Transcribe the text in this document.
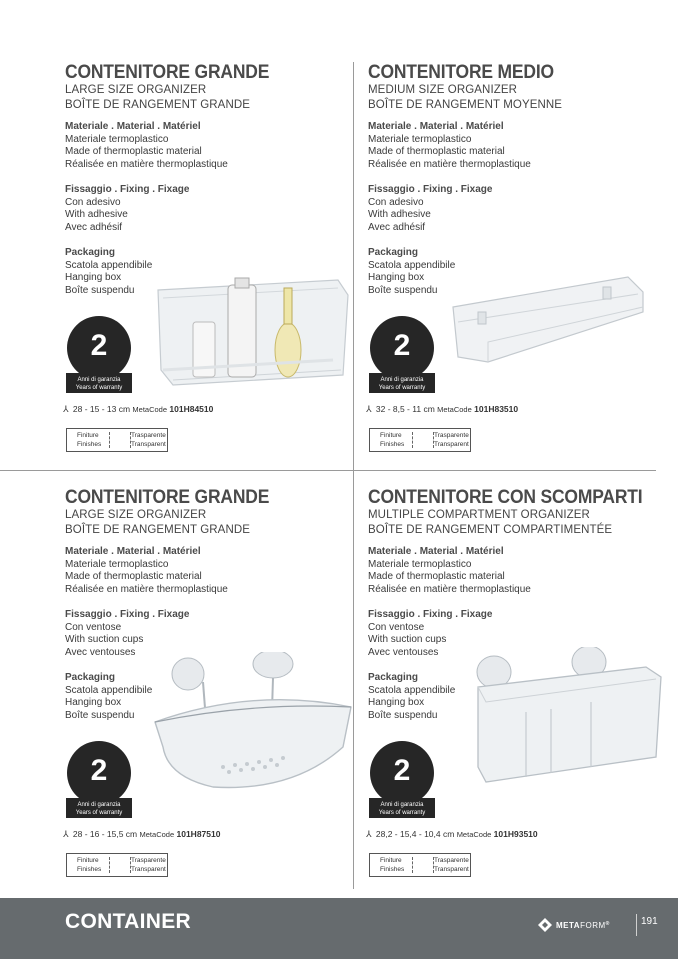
CONTENITORE GRANDE
LARGE SIZE ORGANIZER
BOÎTE DE RANGEMENT GRANDE
Materiale . Material . Matériel
Materiale termoplastico
Made of thermoplastic material
Réalisée en matière thermoplastique
Fissaggio . Fixing . Fixage
Con adesivo
With adhesive
Avec adhésif
Packaging
Scatola appendibile
Hanging box
Boîte suspendu
2
Anni di garanzia
Years of warranty
⅄ 28 - 15 - 13 cm MetaCode 101H84510
Finiture
Finishes
Trasparente
Transparent
CONTENITORE MEDIO
MEDIUM SIZE ORGANIZER
BOÎTE DE RANGEMENT MOYENNE
Materiale . Material . Matériel
Materiale termoplastico
Made of thermoplastic material
Réalisée en matière thermoplastique
Fissaggio . Fixing . Fixage
Con adesivo
With adhesive
Avec adhésif
Packaging
Scatola appendibile
Hanging box
Boîte suspendu
2
Anni di garanzia
Years of warranty
⅄ 32 - 8,5 - 11 cm MetaCode 101H83510
Finiture
Finishes
Trasparente
Transparent
CONTENITORE GRANDE
LARGE SIZE ORGANIZER
BOÎTE DE RANGEMENT GRANDE
Materiale . Material . Matériel
Materiale termoplastico
Made of thermoplastic material
Réalisée en matière thermoplastique
Fissaggio . Fixing . Fixage
Con ventose
With suction cups
Avec ventouses
Packaging
Scatola appendibile
Hanging box
Boîte suspendu
2
Anni di garanzia
Years of warranty
⅄ 28 - 16 - 15,5 cm MetaCode 101H87510
Finiture
Finishes
Trasparente
Transparent
CONTENITORE CON SCOMPARTI
MULTIPLE COMPARTMENT ORGANIZER
BOÎTE DE RANGEMENT COMPARTIMENTÉE
Materiale . Material . Matériel
Materiale termoplastico
Made of thermoplastic material
Réalisée en matière thermoplastique
Fissaggio . Fixing . Fixage
Con ventose
With suction cups
Avec ventouses
Packaging
Scatola appendibile
Hanging box
Boîte suspendu
2
Anni di garanzia
Years of warranty
⅄ 28,2 - 15,4 - 10,4 cm MetaCode 101H93510
Finiture
Finishes
Trasparente
Transparent
CONTAINER	METAFORM®	191
